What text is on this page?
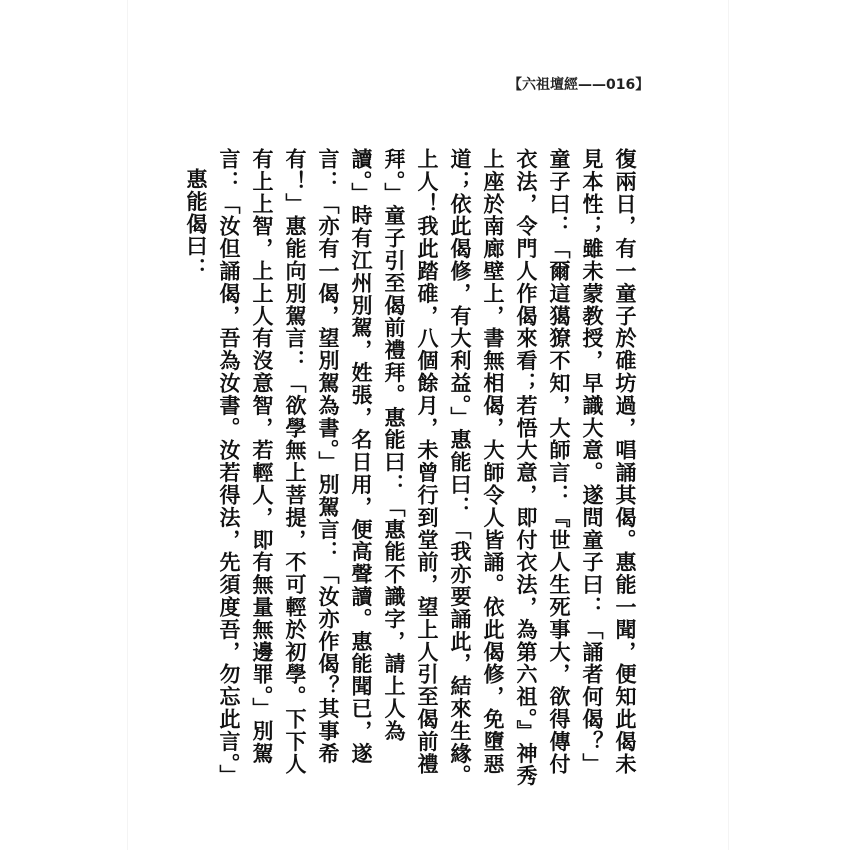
【六祖壇經——016】

復兩日，有一童子於碓坊過，唱誦其偈。惠能一聞，便知此偈未見本性；雖未蒙教授，早識大意。遂問童子曰：「誦者何偈？」童子曰：「爾這獦獠不知，大師言：『世人生死事大，欲得傳付衣法，令門人作偈來看；若悟大意，即付衣法，為第六祖。』神秀上座於南廊壁上，書無相偈，大師令人皆誦。依此偈修，免墮惡道；依此偈修，有大利益。」惠能曰：「我亦要誦此，結來生緣。上人！我此踏碓，八個餘月，未曾行到堂前，望上人引至偈前禮拜。」童子引至偈前禮拜。惠能曰：「惠能不識字，請上人為讀。」時有江州別駕，姓張，名日用，便高聲讀。惠能聞已，遂言：「亦有一偈，望別駕為書。」別駕言：「汝亦作偈？其事希有！」惠能向別駕言：「欲學無上菩提，不可輕於初學。下下人有上上智，上上人有沒意智，若輕人，即有無量無邊罪。」別駕言：「汝但誦偈，吾為汝書。汝若得法，先須度吾，勿忘此言。」

惠能偈曰：
